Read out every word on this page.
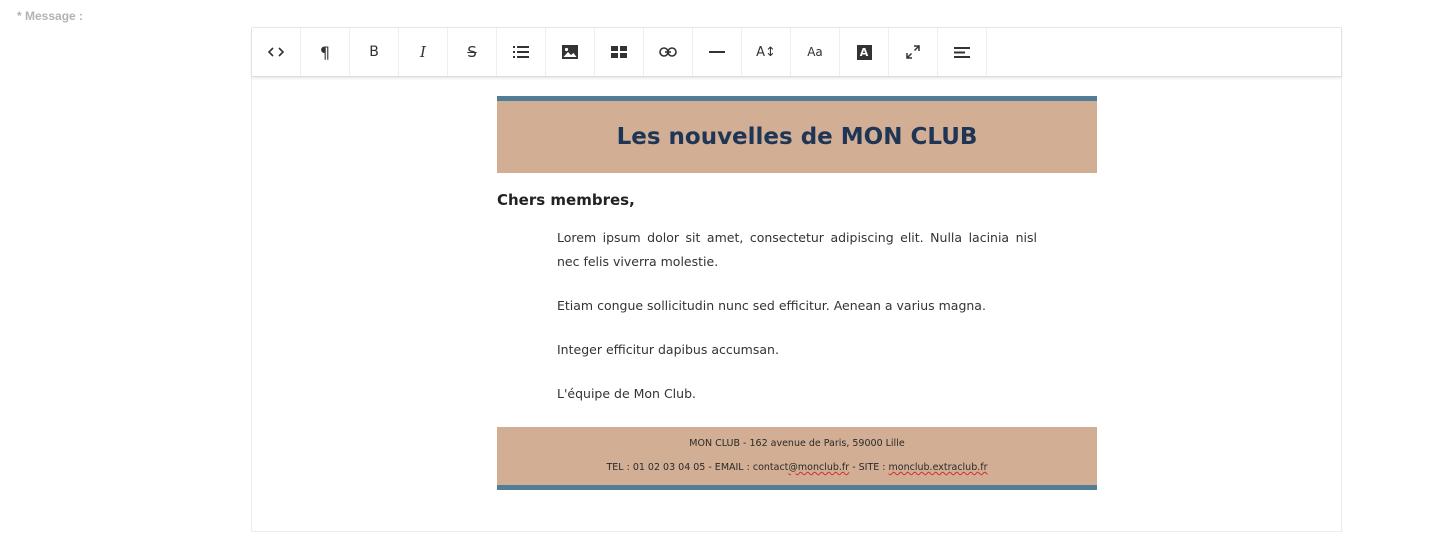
* Message :
¶	B	I	S	A↕	Aa	A
Les nouvelles de MON CLUB
Chers membres,

Lorem ipsum dolor sit amet, consectetur adipiscing elit. Nulla lacinia nisl nec felis viverra molestie.

Etiam congue sollicitudin nunc sed efficitur. Aenean a varius magna.

Integer efficitur dapibus accumsan.

L'équipe de Mon Club.

MON CLUB - 162 avenue de Paris, 59000 Lille
TEL : 01 02 03 04 05 - EMAIL : contact@monclub.fr - SITE : monclub.extraclub.fr
